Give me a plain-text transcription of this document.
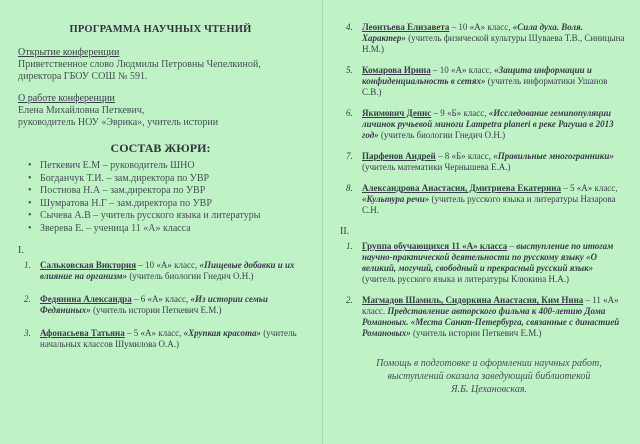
ПРОГРАММА НАУЧНЫХ ЧТЕНИЙ

Открытие конференции

Приветственное слово Людмилы Петровны Чепелкиной,

директора ГБОУ СОШ № 591.

О работе конференции

Елена Михайловна Петкевич,

руководитель НОУ «Эврика», учитель истории

СОСТАВ ЖЮРИ:
• Петкевич Е.М – руководитель ШНО
• Богданчук Т.И. – зам.директора по УВР
• Постнова Н.А – зам.директора по УВР
• Шумратова Н.Г – зам.директора по УВР
• Сычева А.В – учитель русского языка и литературы
• Зверева Е. – ученица 11 «А» класса
I.
1. Сальковская Виктория – 10 «А» класс, «Пищевые добавки и их влияние на организм» (учитель биологии Гнедич О.Н.)
2. Федянина Александра – 6 «А» класс, «Из истории семьи Федяниных» (учитель истории Петкевич Е.М.)
3. Афонасьева Татьяна – 5 «А» класс, «Хрупкая красота» (учитель начальных классов Шумилова О.А.)
4. Леонтьева Елизавета – 10 «А» класс, «Сила духа. Воля. Характер» (учитель физической культуры Шуваева Т.В., Синицына Н.М.)
5. Комарова Ирина – 10 «А» класс, «Защита информации и конфиденциальность в сетях» (учитель информатики Ушанов С.В.)
6. Якимович Денис – 9 «Б» класс, «Исследование гемипопуляции личинок ручьевой миноги Lampetra planeri в реке Рагуша в 2013 год» (учитель биологии Гнедич О.Н.)
7. Парфенов Андрей – 8 «Б» класс, «Правильные многогранники» (учитель математики Чернышева Е.А.)
8. Александрова Анастасия, Дмитриева Екатерина – 5 «А» класс, «Культура речи» (учитель русского языка и литературы Назарова С.Н.
II.
1. Группа обучающихся 11 «А» класса – выступление по итогам научно-практической деятельности по русскому языку «О великий, могучий, свободный и прекрасный русский язык» (учитель русского языка и литературы Клюкина Н.А.)
2. Магмадов Шамиль, Сидоркина Анастасия, Ким Нина – 11 «А» класс. Представление авторского фильма к 400-летию Дома Романовых. «Места Санкт-Петербурга, связанные с династией Романовых» (учитель истории Петкевич Е.М.)
Помощь в подготовке и оформлении научных работ,
выступлений оказала заведующий библиотекой
Я.Б. Цехановская.
